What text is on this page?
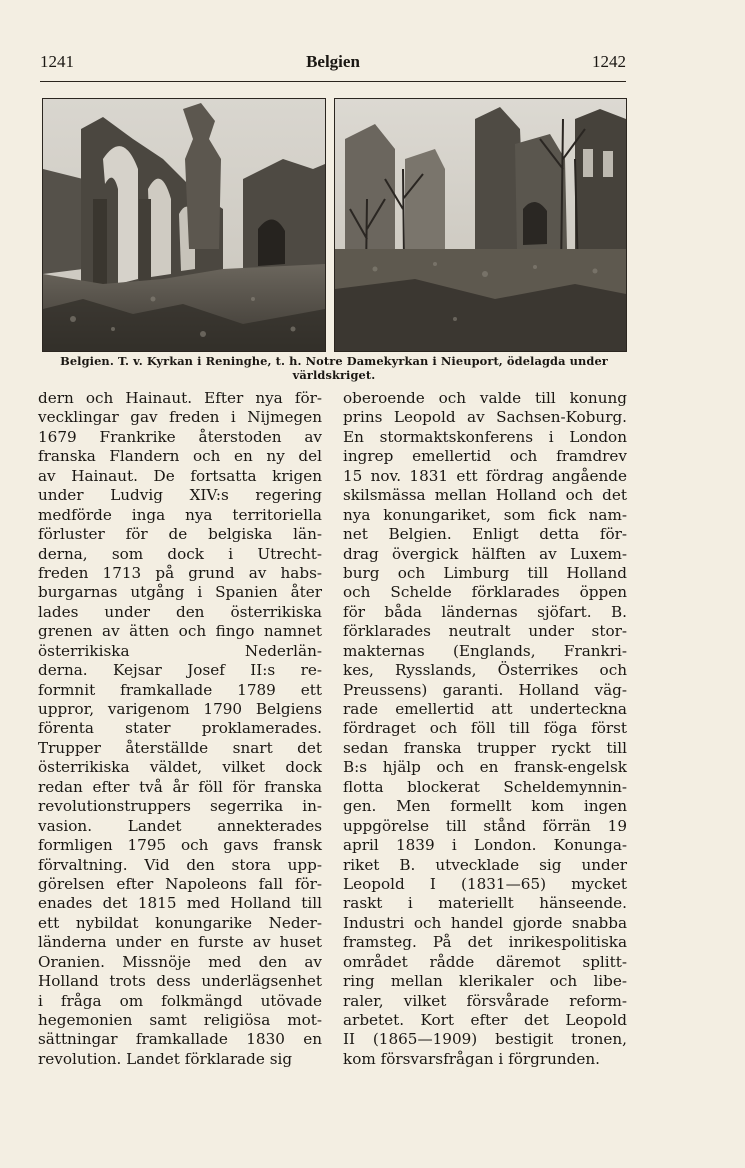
1241	Belgien	1242
Belgien. T. v. Kyrkan i Reninghe, t. h. Notre Damekyrkan i Nieuport, ödelagda under världskriget.
dern och Hainaut. Efter nya för-
vecklingar gav freden i Nijmegen
1679 Frankrike återstoden av
franska Flandern och en ny del
av Hainaut. De fortsatta krigen
under Ludvig XIV:s regering
medförde inga nya territoriella
förluster för de belgiska län-
derna, som dock i Utrecht-
freden 1713 på grund av habs-
burgarnas utgång i Spanien åter
lades under den österrikiska
grenen av ätten och fingo namnet
österrikiska Nederlän-
derna. Kejsar Josef II:s re-
formnit framkallade 1789 ett
uppror, varigenom 1790 Belgiens
förenta stater proklamerades.
Trupper återställde snart det
österrikiska väldet, vilket dock
redan efter två år föll för franska
revolutionstruppers segerrika in-
vasion. Landet annekterades
formligen 1795 och gavs fransk
förvaltning. Vid den stora upp-
görelsen efter Napoleons fall för-
enades det 1815 med Holland till
ett nybildat konungarike Neder-
länderna under en furste av huset
Oranien. Missnöje med den av
Holland trots dess underlägsenhet
i fråga om folkmängd utövade
hegemonien samt religiösa mot-
sättningar framkallade 1830 en
revolution. Landet förklarade sig
oberoende och valde till konung
prins Leopold av Sachsen-Koburg.
En stormaktskonferens i London
ingrep emellertid och framdrev
15 nov. 1831 ett fördrag angående
skilsmässa mellan Holland och det
nya konungariket, som fick nam-
net Belgien. Enligt detta för-
drag övergick hälften av Luxem-
burg och Limburg till Holland
och Schelde förklarades öppen
för båda ländernas sjöfart. B.
förklarades neutralt under stor-
makternas (Englands, Frankri-
kes, Rysslands, Österrikes och
Preussens) garanti. Holland väg-
rade emellertid att underteckna
fördraget och föll till föga först
sedan franska trupper ryckt till
B:s hjälp och en fransk-engelsk
flotta blockerat Scheldemynnin-
gen. Men formellt kom ingen
uppgörelse till stånd förrän 19
april 1839 i London. Konunga-
riket B. utvecklade sig under
Leopold I (1831—65) mycket
raskt i materiellt hänseende.
Industri och handel gjorde snabba
framsteg. På det inrikespolitiska
området rådde däremot splitt-
ring mellan klerikaler och libe-
raler, vilket försvårade reform-
arbetet. Kort efter det Leopold
II (1865—1909) bestigit tronen,
kom försvarsfrågan i förgrunden.
